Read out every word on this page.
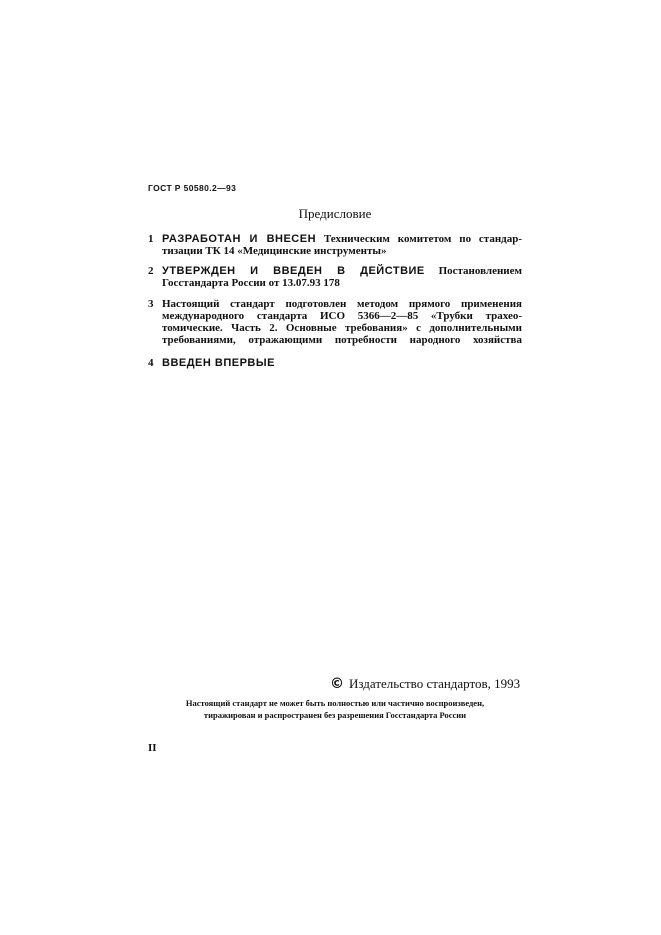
ГОСТ Р 50580.2—93
Предисловие
1 РАЗРАБОТАН И ВНЕСЕН Техническим комитетом по стандар-
тизации ТК 14 «Медицинские инструменты»
2 УТВЕРЖДЕН И ВВЕДЕН В ДЕЙСТВИЕ Постановлением
Госстандарта России от 13.07.93 178
3 Настоящий стандарт подготовлен методом прямого применения
международного стандарта ИСО 5366—2—85 «Трубки трахео-
томические. Часть 2. Основные требования» с дополнительными
требованиями, отражающими потребности народного хозяйства
4 ВВЕДЕН ВПЕРВЫЕ
© Издательство стандартов, 1993
Настоящий стандарт не может быть полностью или частично воспроизведен,
тиражирован и распространен без разрешения Госстандарта России
II
